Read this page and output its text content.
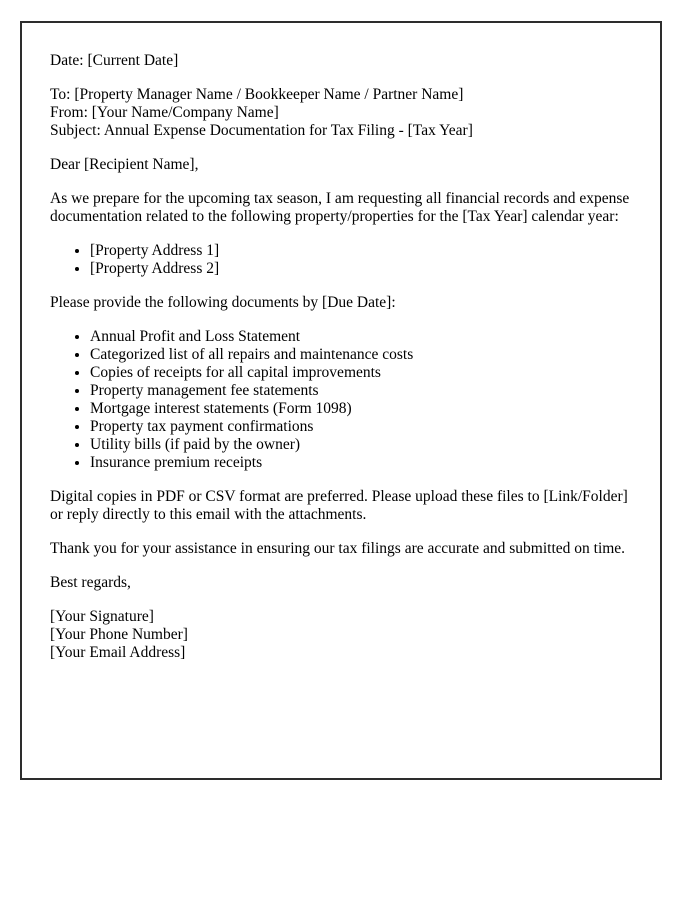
Date: [Current Date]

To: [Property Manager Name / Bookkeeper Name / Partner Name]
From: [Your Name/Company Name]
Subject: Annual Expense Documentation for Tax Filing - [Tax Year]

Dear [Recipient Name],

As we prepare for the upcoming tax season, I am requesting all financial records and expense documentation related to the following property/properties for the [Tax Year] calendar year:

• [Property Address 1]
• [Property Address 2]

Please provide the following documents by [Due Date]:

• Annual Profit and Loss Statement
• Categorized list of all repairs and maintenance costs
• Copies of receipts for all capital improvements
• Property management fee statements
• Mortgage interest statements (Form 1098)
• Property tax payment confirmations
• Utility bills (if paid by the owner)
• Insurance premium receipts

Digital copies in PDF or CSV format are preferred. Please upload these files to [Link/Folder] or reply directly to this email with the attachments.

Thank you for your assistance in ensuring our tax filings are accurate and submitted on time.

Best regards,

[Your Signature]
[Your Phone Number]
[Your Email Address]
